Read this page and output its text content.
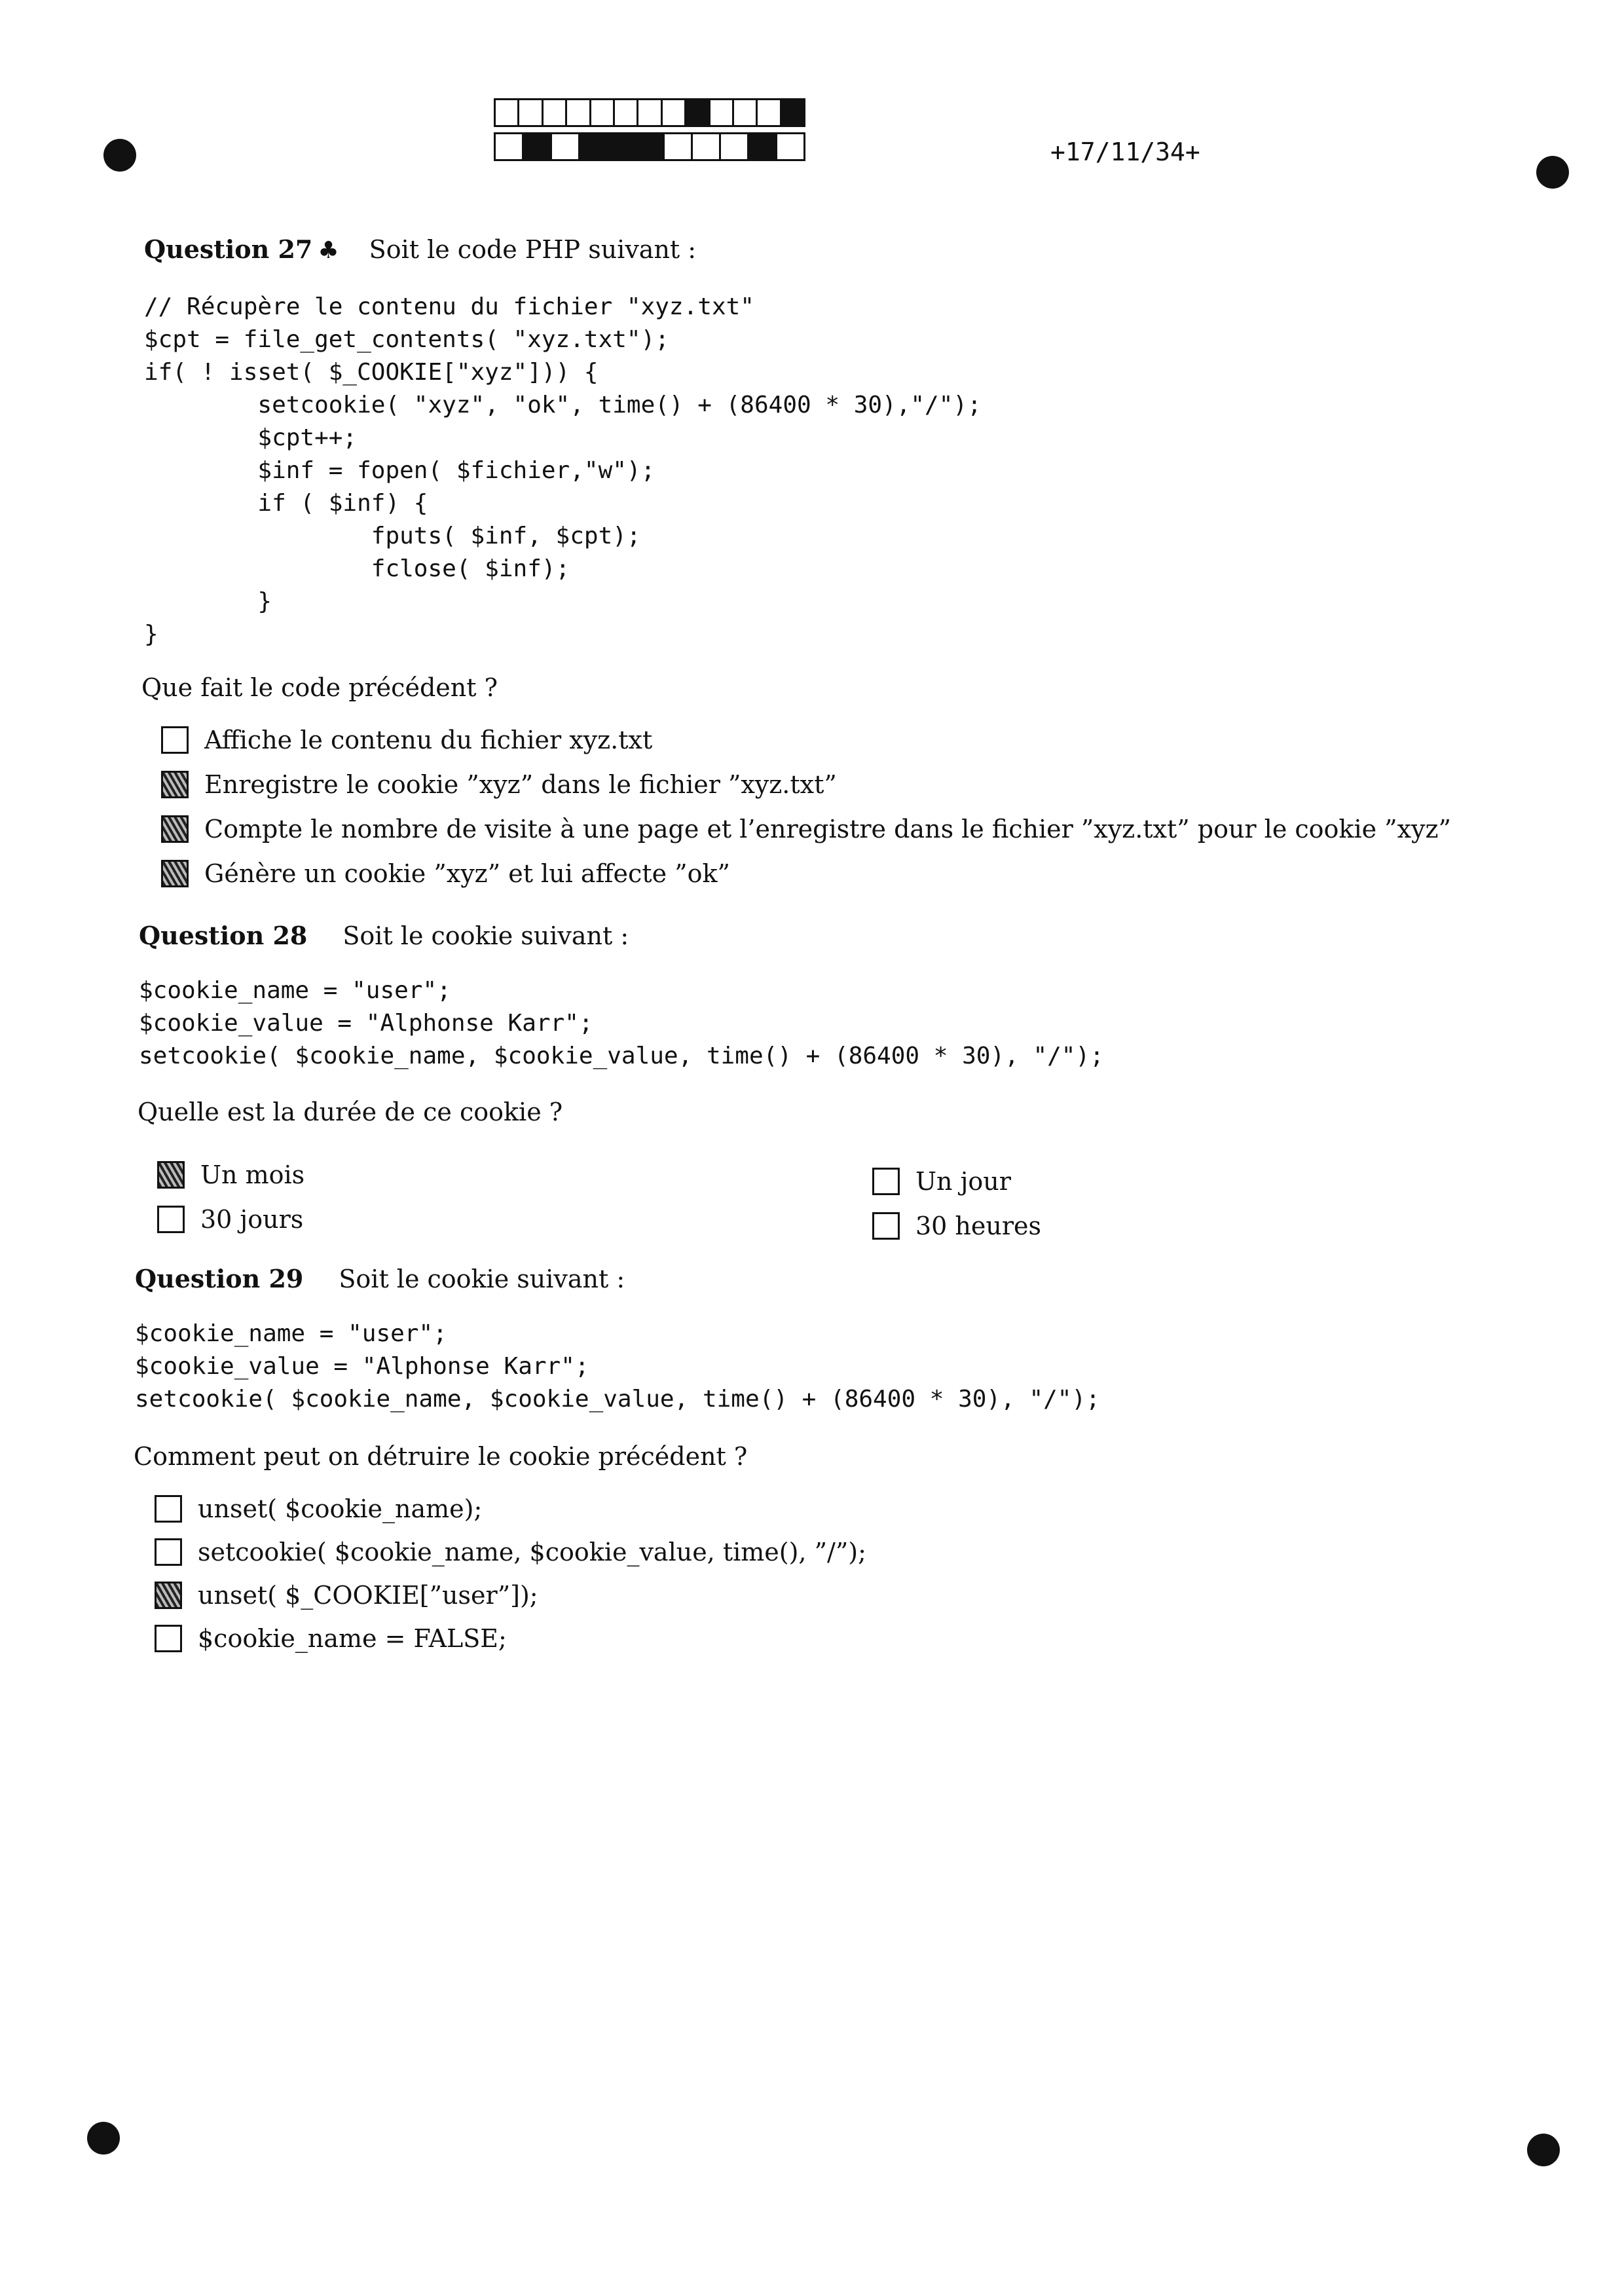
+17/11/34+
Question 27 ♣ Soit le code PHP suivant :
// Récupère le contenu du fichier "xyz.txt"
$cpt = file_get_contents( "xyz.txt");
if( ! isset( $_COOKIE["xyz"])) {
setcookie( "xyz", "ok", time() + (86400 * 30),"/");
$cpt++;
$inf = fopen( $fichier,"w");
if ( $inf) {
fputs( $inf, $cpt);
fclose( $inf);
}
}
Que fait le code précédent ?
Affiche le contenu du fichier xyz.txt
Enregistre le cookie ”xyz” dans le fichier ”xyz.txt”
Compte le nombre de visite à une page et l’enregistre dans le fichier ”xyz.txt” pour le cookie ”xyz”
Génère un cookie ”xyz” et lui affecte ”ok”
Question 28 Soit le cookie suivant :
$cookie_name = "user";
$cookie_value = "Alphonse Karr";
setcookie( $cookie_name, $cookie_value, time() + (86400 * 30), "/");
Quelle est la durée de ce cookie ?
Un mois
30 jours
Un jour
30 heures
Question 29 Soit le cookie suivant :
$cookie_name = "user";
$cookie_value = "Alphonse Karr";
setcookie( $cookie_name, $cookie_value, time() + (86400 * 30), "/");
Comment peut on détruire le cookie précédent ?
unset( $cookie_name);
setcookie( $cookie_name, $cookie_value, time(), ”/”);
unset( $_COOKIE[”user”]);
$cookie_name = FALSE;
